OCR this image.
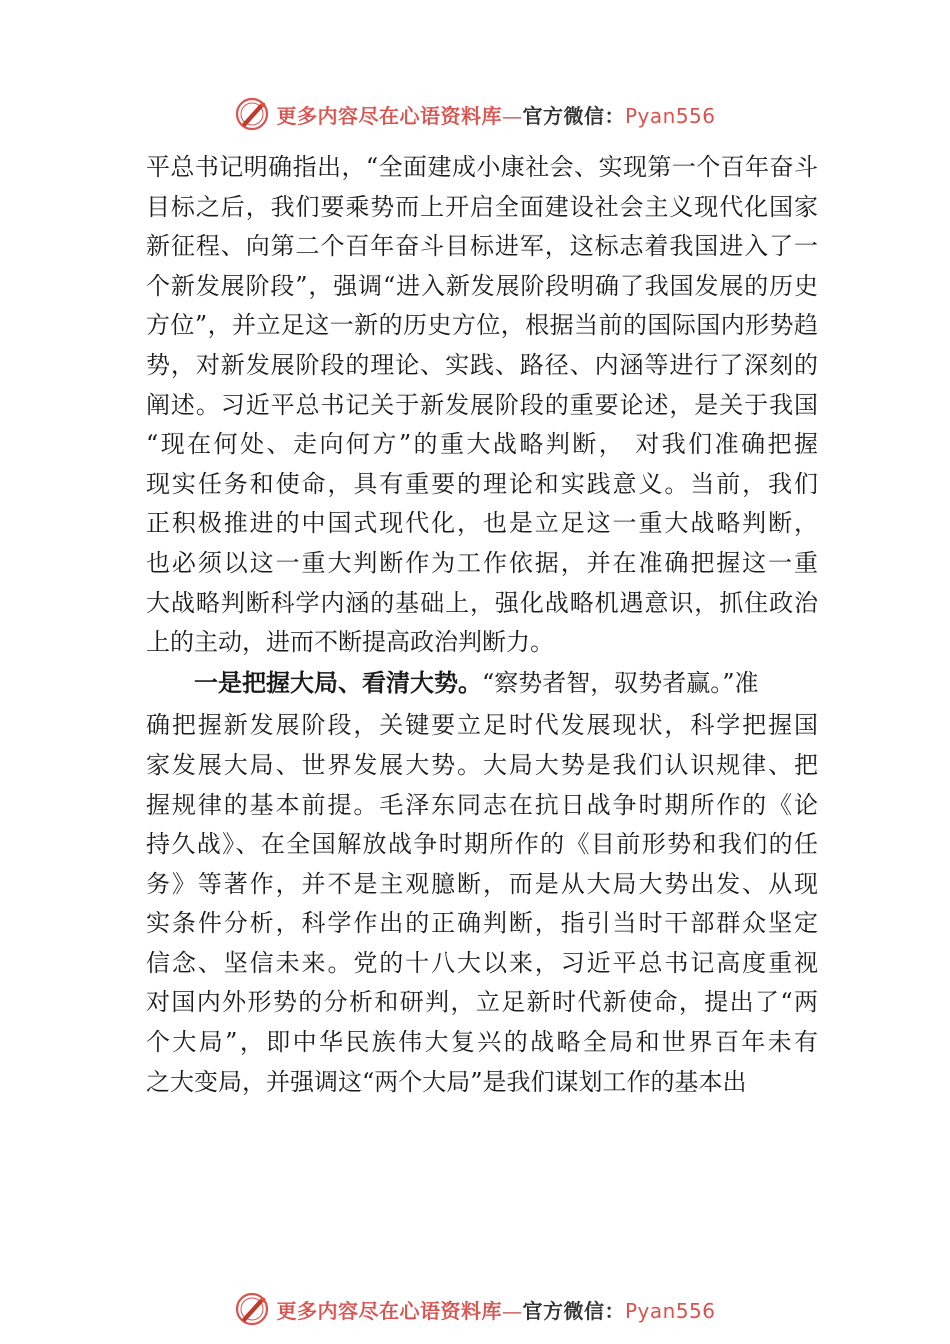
更多内容尽在心语资料库—官方微信：Pyan556
平总书记明确指出，“全面建成小康社会、实现第一个百年奋斗
目标之后，我们要乘势而上开启全面建设社会主义现代化国家
新征程、向第二个百年奋斗目标进军，这标志着我国进入了一
个新发展阶段”，强调“进入新发展阶段明确了我国发展的历史
方位”，并立足这一新的历史方位，根据当前的国际国内形势趋
势，对新发展阶段的理论、实践、路径、内涵等进行了深刻的
阐述。习近平总书记关于新发展阶段的重要论述，是关于我国
“现在何处、走向何方”的重大战略判断， 对我们准确把握
现实任务和使命，具有重要的理论和实践意义。当前，我们
正积极推进的中国式现代化，也是立足这一重大战略判断，
也必须以这一重大判断作为工作依据，并在准确把握这一重
大战略判断科学内涵的基础上，强化战略机遇意识，抓住政治
上的主动，进而不断提高政治判断力。
一是把握大局、看清大势。“察势者智，驭势者赢。”准
确把握新发展阶段，关键要立足时代发展现状，科学把握国
家发展大局、世界发展大势。大局大势是我们认识规律、把
握规律的基本前提。毛泽东同志在抗日战争时期所作的《论
持久战》、在全国解放战争时期所作的《目前形势和我们的任
务》等著作，并不是主观臆断，而是从大局大势出发、从现
实条件分析，科学作出的正确判断，指引当时干部群众坚定
信念、坚信未来。党的十八大以来，习近平总书记高度重视
对国内外形势的分析和研判，立足新时代新使命，提出了“两
个大局”，即中华民族伟大复兴的战略全局和世界百年未有
之大变局，并强调这“两个大局”是我们谋划工作的基本出
更多内容尽在心语资料库—官方微信：Pyan556
